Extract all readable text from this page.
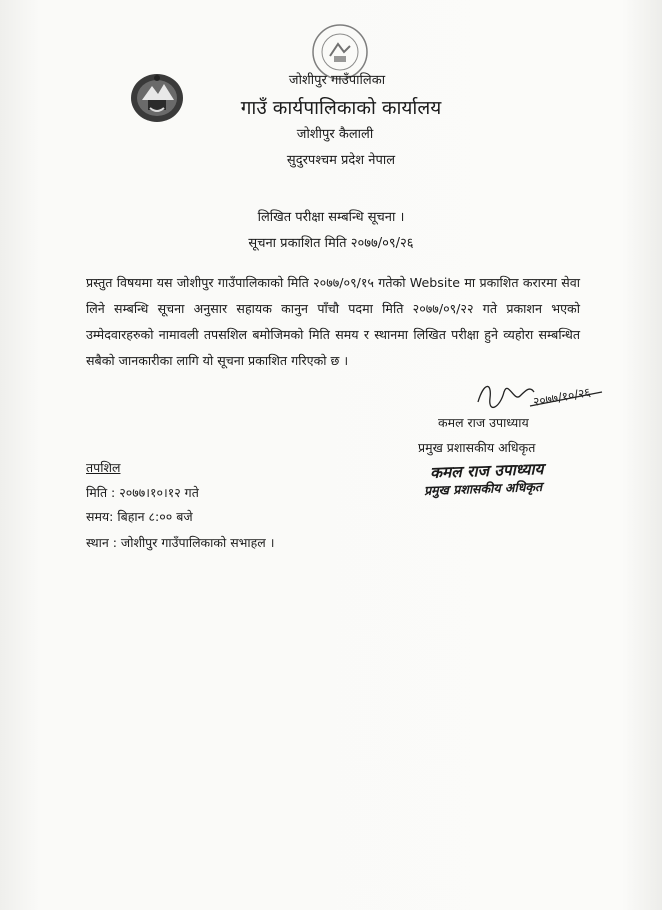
जोशीपुर गाउँपालिका
गाउँ कार्यपालिकाको कार्यालय
जोशीपुर कैलाली
सुदुरपश्चम प्रदेश नेपाल
लिखित परीक्षा सम्बन्धि सूचना ।
सूचना प्रकाशित मिति २०७७/०९/२६
प्रस्तुत विषयमा यस जोशीपुर गाउँपालिकाको मिति २०७७/०९/१५ गतेको Website मा प्रकाशित करारमा सेवा लिने सम्बन्धि सूचना अनुसार सहायक कानुन पाँचौ पदमा मिति २०७७/०९/२२ गते प्रकाशन भएको उम्मेदवारहरुको नामावली तपसशिल बमोजिमको मिति समय र स्थानमा लिखित परीक्षा हुने व्यहोरा सम्बन्धित सबैको जानकारीका लागि यो सूचना प्रकाशित गरिएको छ ।
२०७७/१०/२६
कमल राज उपाध्याय
प्रमुख प्रशासकीय अधिकृत
कमल राज उपाध्याय
प्रमुख प्रशासकीय अधिकृत
तपशिल
मिति : २०७७।१०।१२ गते
समय: बिहान ८:०० बजे
स्थान : जोशीपुर गाउँपालिकाको सभाहल ।
